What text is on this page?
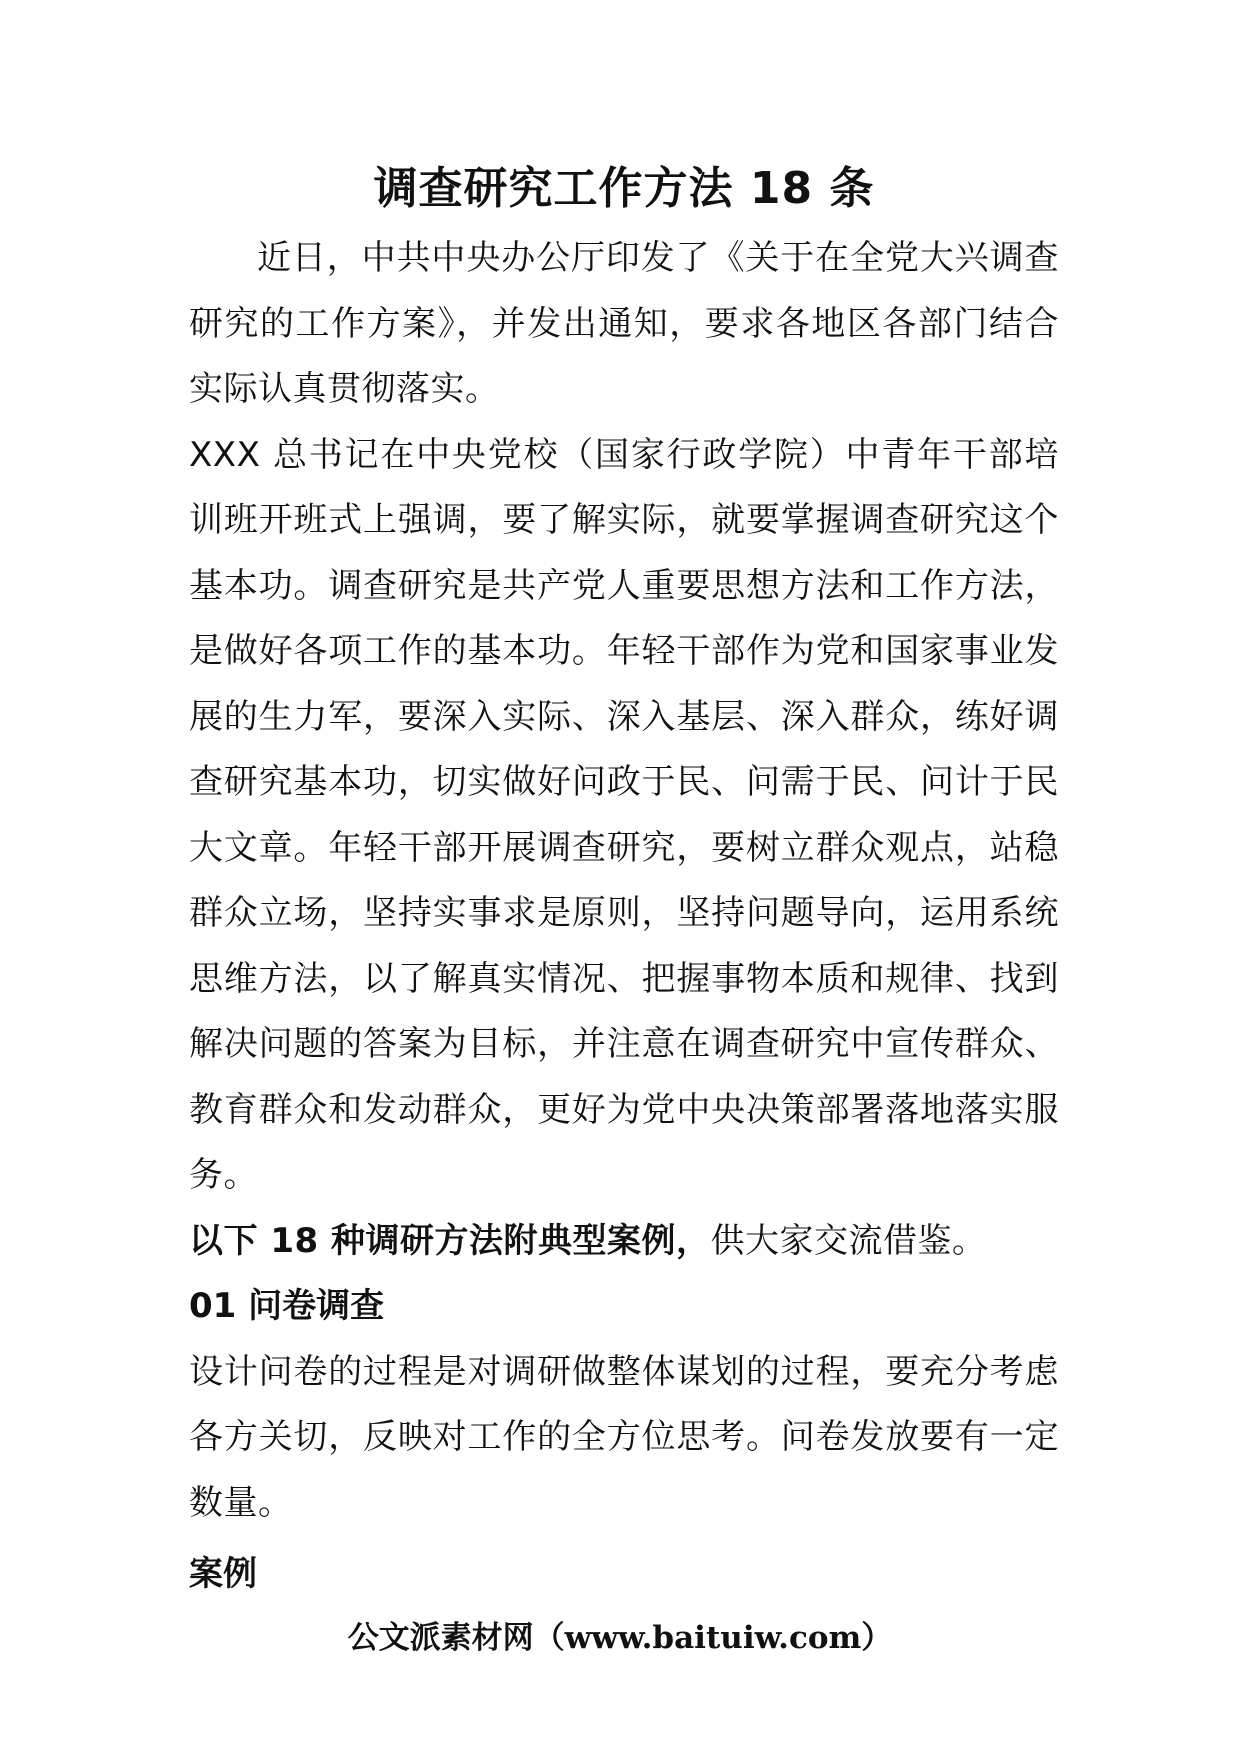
调查研究工作方法 18 条

近日，中共中央办公厅印发了《关于在全党大兴调查研究的工作方案》，并发出通知，要求各地区各部门结合实际认真贯彻落实。

XXX 总书记在中央党校（国家行政学院）中青年干部培训班开班式上强调，要了解实际，就要掌握调查研究这个基本功。调查研究是共产党人重要思想方法和工作方法，是做好各项工作的基本功。年轻干部作为党和国家事业发展的生力军，要深入实际、深入基层、深入群众，练好调查研究基本功，切实做好问政于民、问需于民、问计于民大文章。年轻干部开展调查研究，要树立群众观点，站稳群众立场，坚持实事求是原则，坚持问题导向，运用系统思维方法，以了解真实情况、把握事物本质和规律、找到解决问题的答案为目标，并注意在调查研究中宣传群众、教育群众和发动群众，更好为党中央决策部署落地落实服务。

以下 18 种调研方法附典型案例，供大家交流借鉴。

01 问卷调查

设计问卷的过程是对调研做整体谋划的过程，要充分考虑各方关切，反映对工作的全方位思考。问卷发放要有一定数量。

案例
公文派素材网（www.baituiw.com）
